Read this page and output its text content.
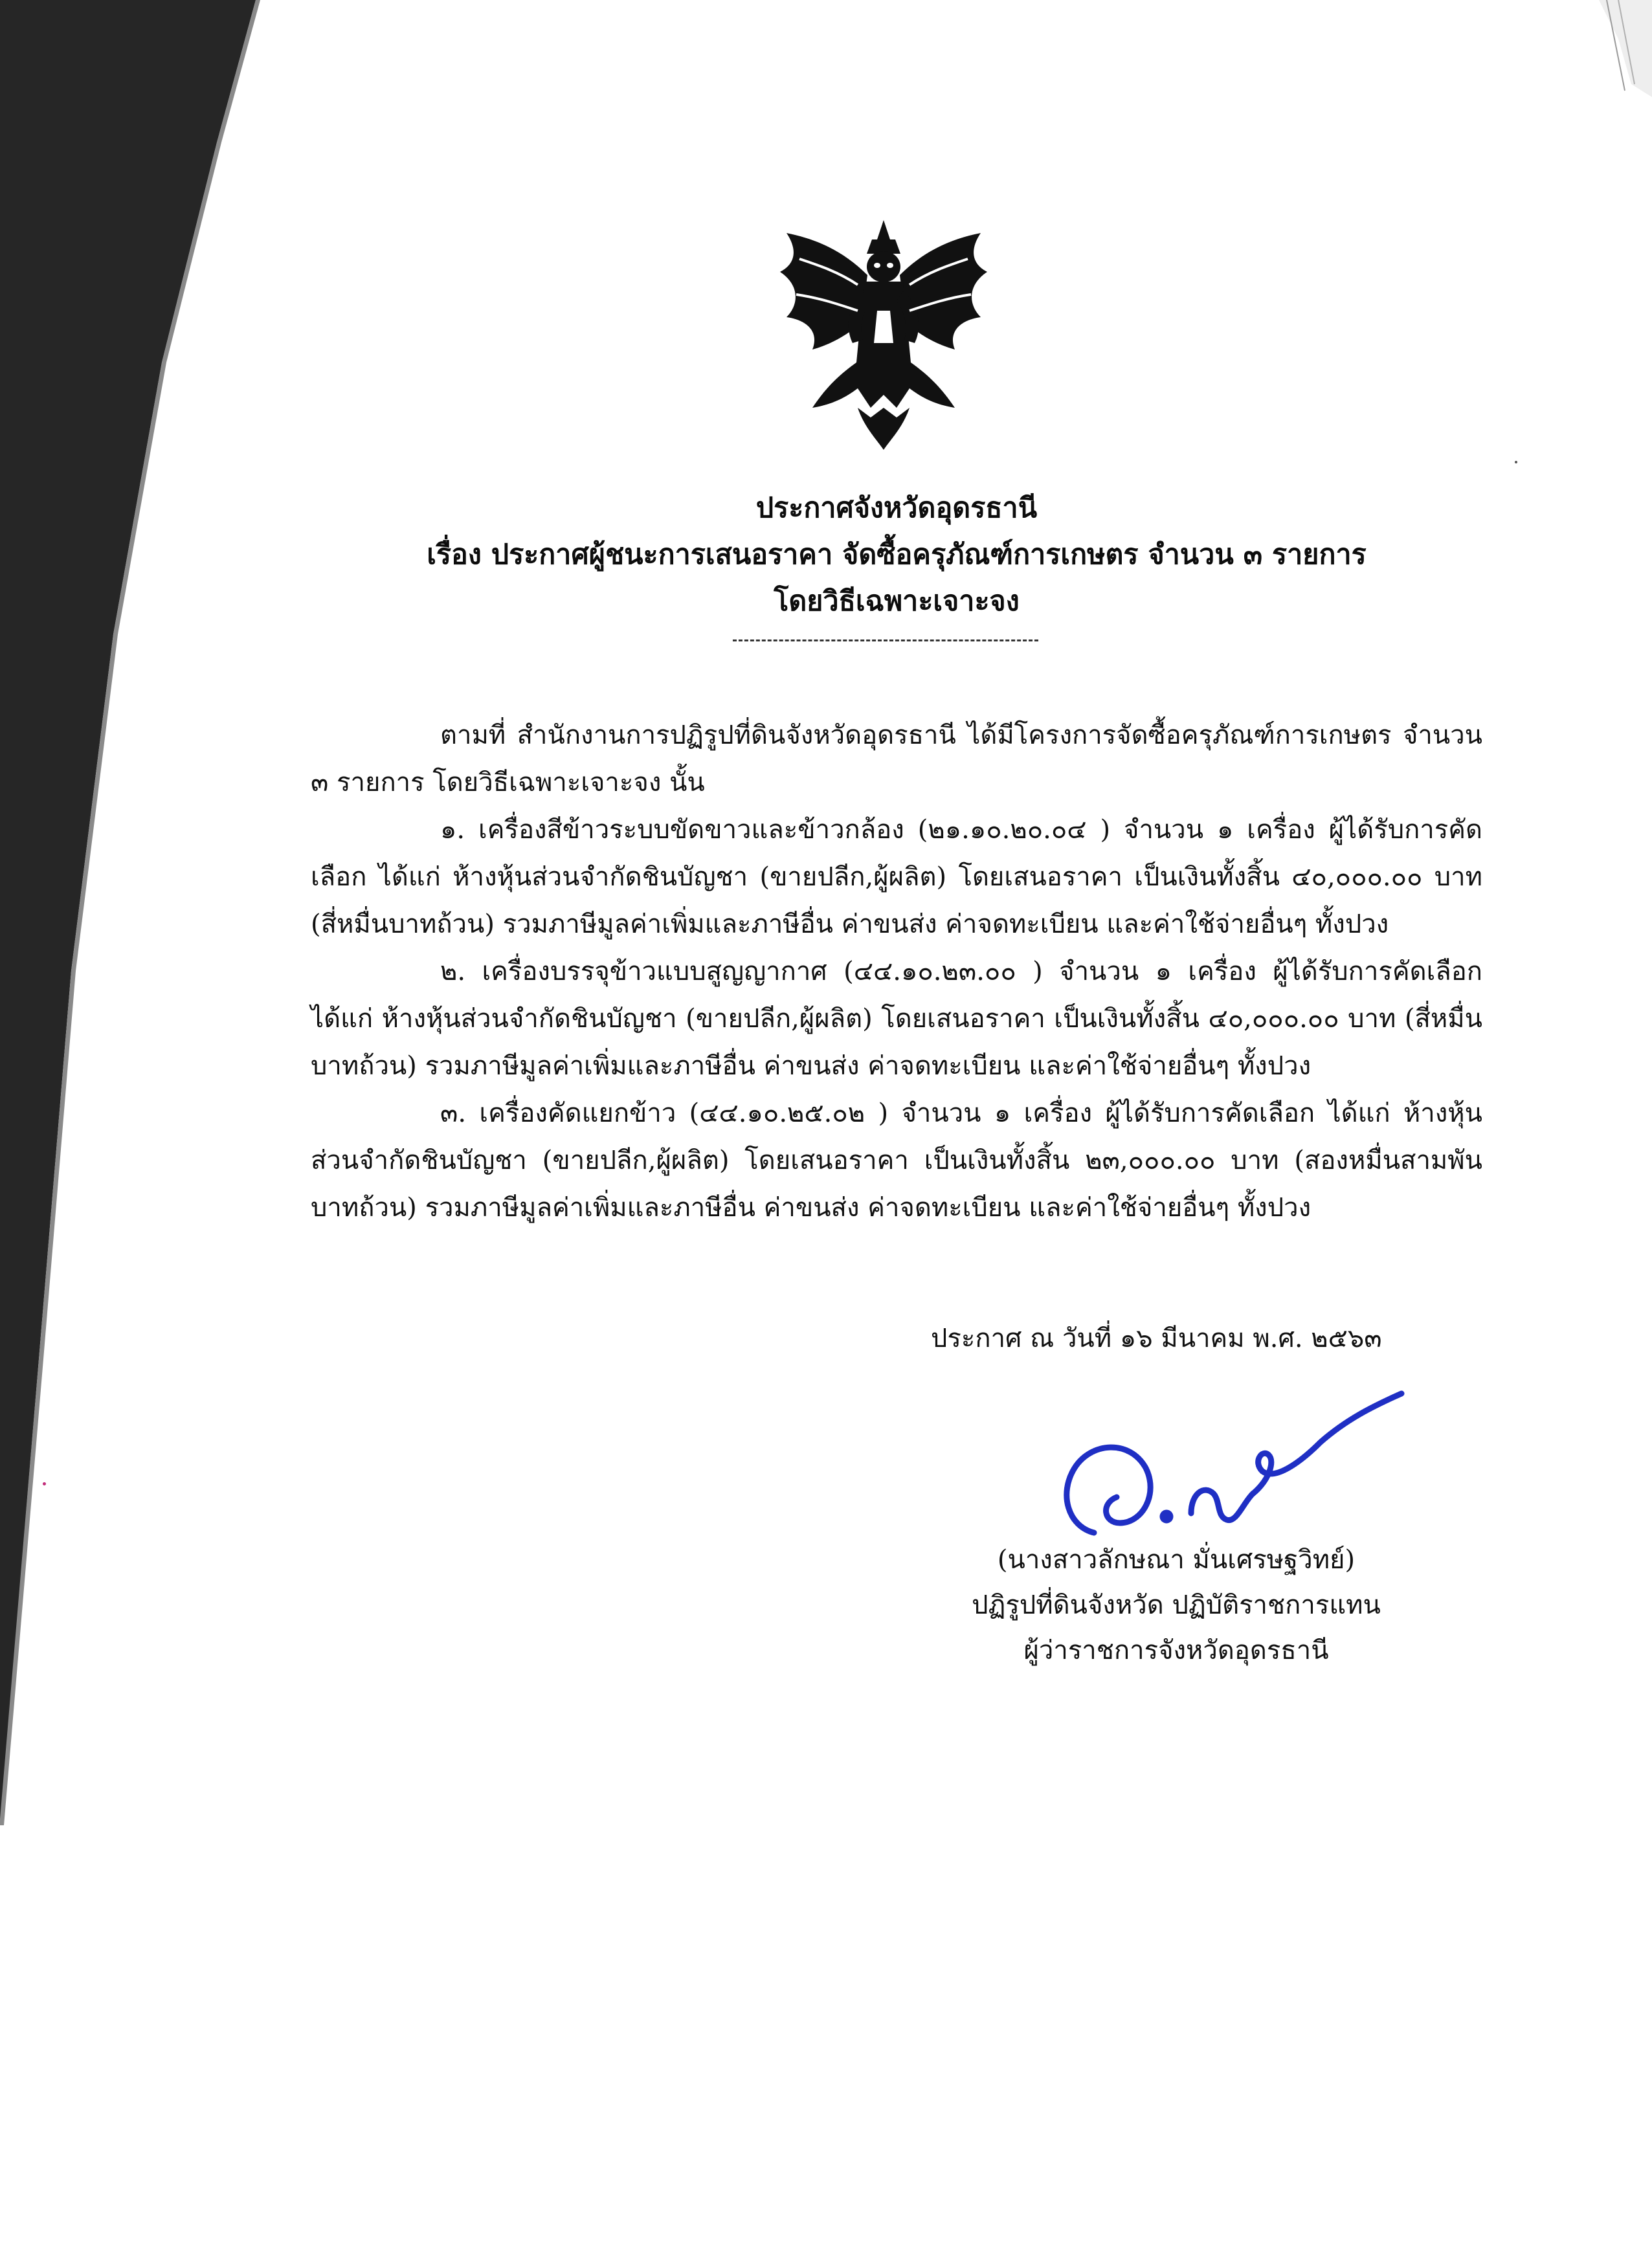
ประกาศจังหวัดอุดรธานี
เรื่อง ประกาศผู้ชนะการเสนอราคา จัดซื้อครุภัณฑ์การเกษตร จำนวน ๓ รายการ
โดยวิธีเฉพาะเจาะจง

ตามที่ สำนักงานการปฏิรูปที่ดินจังหวัดอุดรธานี ได้มีโครงการจัดซื้อครุภัณฑ์การเกษตร จำนวน ๓ รายการ โดยวิธีเฉพาะเจาะจง นั้น

๑. เครื่องสีข้าวระบบขัดขาวและข้าวกล้อง (๒๑.๑๐.๒๐.๐๔ ) จำนวน ๑ เครื่อง ผู้ได้รับการคัดเลือก ได้แก่ ห้างหุ้นส่วนจำกัดชินบัญชา (ขายปลีก,ผู้ผลิต) โดยเสนอราคา เป็นเงินทั้งสิ้น ๔๐,๐๐๐.๐๐ บาท (สี่หมื่นบาทถ้วน) รวมภาษีมูลค่าเพิ่มและภาษีอื่น ค่าขนส่ง ค่าจดทะเบียน และค่าใช้จ่ายอื่นๆ ทั้งปวง

๒. เครื่องบรรจุข้าวแบบสูญญากาศ (๔๔.๑๐.๒๓.๐๐ ) จำนวน ๑ เครื่อง ผู้ได้รับการคัดเลือก ได้แก่ ห้างหุ้นส่วนจำกัดชินบัญชา (ขายปลีก,ผู้ผลิต) โดยเสนอราคา เป็นเงินทั้งสิ้น ๔๐,๐๐๐.๐๐ บาท (สี่หมื่นบาทถ้วน) รวมภาษีมูลค่าเพิ่มและภาษีอื่น ค่าขนส่ง ค่าจดทะเบียน และค่าใช้จ่ายอื่นๆ ทั้งปวง

๓. เครื่องคัดแยกข้าว (๔๔.๑๐.๒๕.๐๒ ) จำนวน ๑ เครื่อง ผู้ได้รับการคัดเลือก ได้แก่ ห้างหุ้นส่วนจำกัดชินบัญชา (ขายปลีก,ผู้ผลิต) โดยเสนอราคา เป็นเงินทั้งสิ้น ๒๓,๐๐๐.๐๐ บาท (สองหมื่นสามพันบาทถ้วน) รวมภาษีมูลค่าเพิ่มและภาษีอื่น ค่าขนส่ง ค่าจดทะเบียน และค่าใช้จ่ายอื่นๆ ทั้งปวง

ประกาศ ณ วันที่ ๑๖ มีนาคม พ.ศ. ๒๕๖๓
(นางสาวลักษณา มั่นเศรษฐวิทย์)
ปฏิรูปที่ดินจังหวัด ปฏิบัติราชการแทน
ผู้ว่าราชการจังหวัดอุดรธานี
